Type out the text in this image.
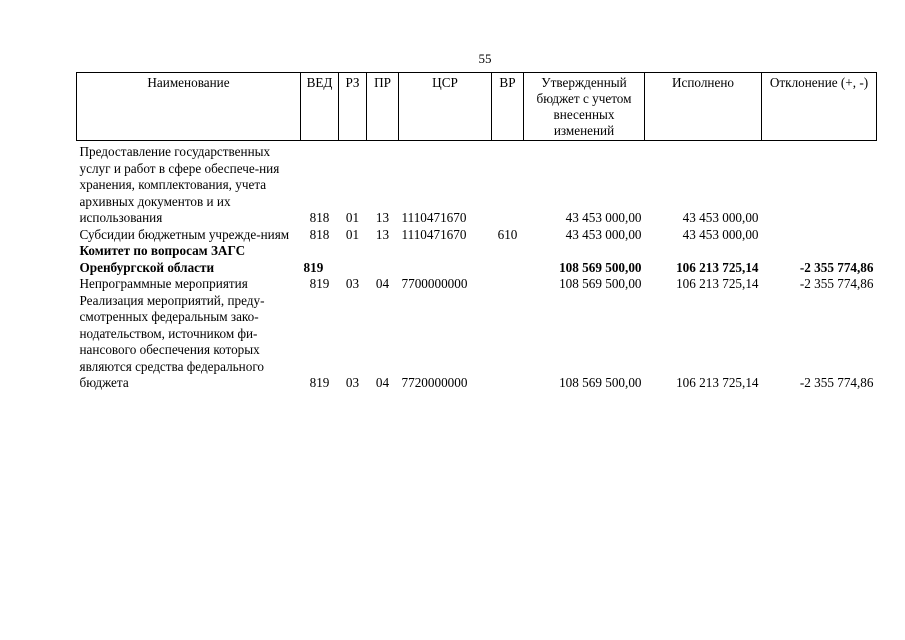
55
Наименование	ВЕД	РЗ	ПР	ЦСР	ВР	Утвержденный бюджет с учетом внесенных изменений	Исполнено	Отклонение (+, -)
Предоставление государственных услуг и работ в сфере обеспече-ния хранения, комплектования, учета архивных документов и их использования	818	01	13	1110471670		43 453 000,00	43 453 000,00	
Субсидии бюджетным учрежде-ниям	818	01	13	1110471670	610	43 453 000,00	43 453 000,00	
Комитет по вопросам ЗАГС Оренбургской области	819					108 569 500,00	106 213 725,14	-2 355 774,86
Непрограммные мероприятия	819	03	04	7700000000		108 569 500,00	106 213 725,14	-2 355 774,86
Реализация мероприятий, преду-смотренных федеральным зако-нодательством, источником фи-нансового обеспечения которых являются средства федерального бюджета	819	03	04	7720000000		108 569 500,00	106 213 725,14	-2 355 774,86
